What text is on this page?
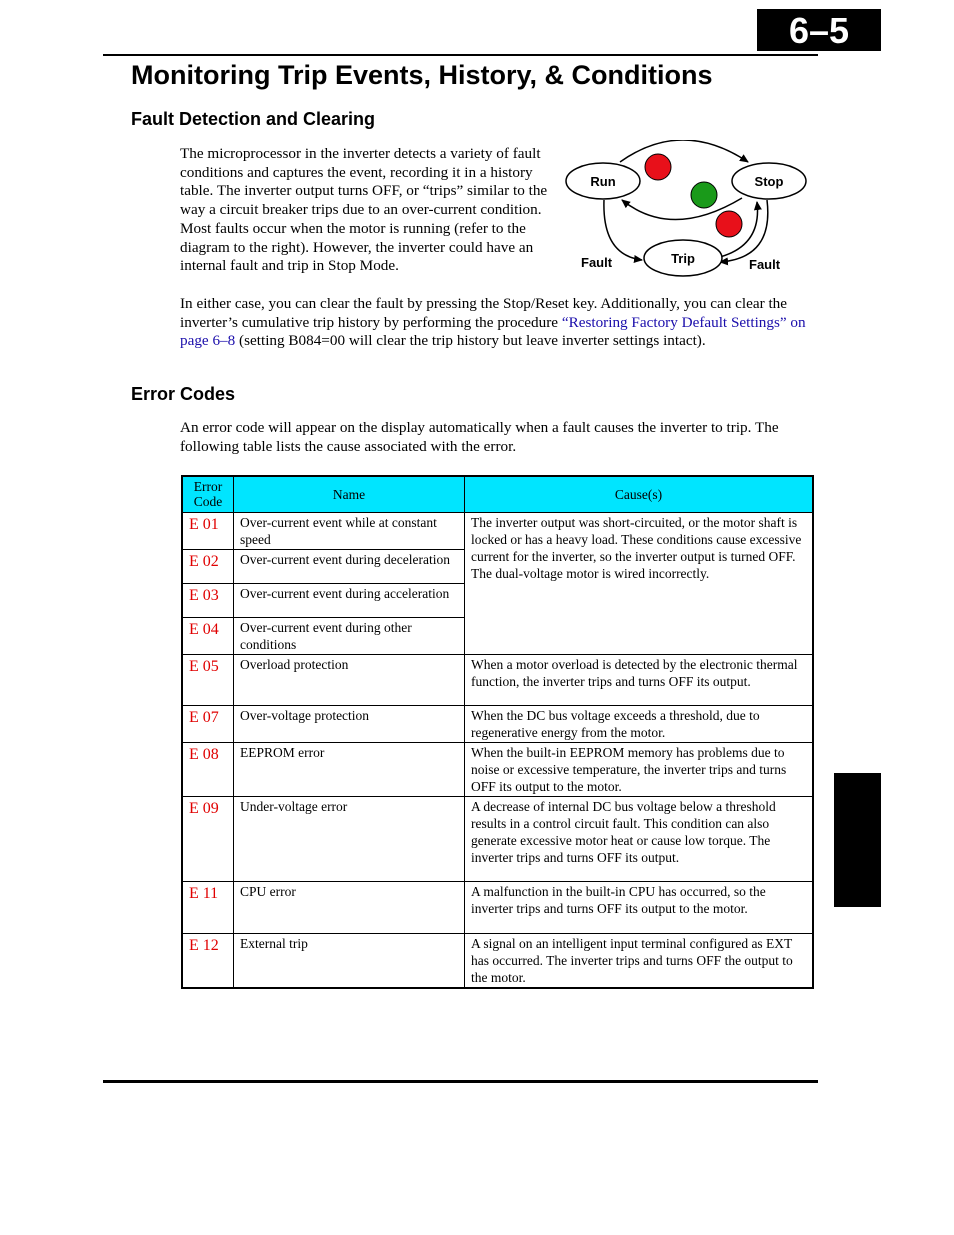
6–5
Monitoring Trip Events, History, & Conditions
Fault Detection and Clearing

The microprocessor in the inverter detects a variety of fault conditions and captures the event, recording it in a history table. The inverter output turns OFF, or “trips” similar to the way a circuit breaker trips due to an over-current condition. Most faults occur when the motor is running (refer to the diagram to the right). However, the inverter could have an internal fault and trip in Stop Mode.

Run	Stop
Trip
Fault	Fault

In either case, you can clear the fault by pressing the Stop/Reset key. Additionally, you can clear the inverter’s cumulative trip history by performing the procedure “Restoring Factory Default Settings” on page 6–8 (setting B084=00 will clear the trip history but leave inverter settings intact).

Error Codes

An error code will appear on the display automatically when a fault causes the inverter to trip. The following table lists the cause associated with the error.

Error
Code	Name	Cause(s)
E 01	Over-current event while at constant speed	The inverter output was short-circuited, or the motor shaft is locked or has a heavy load. These conditions cause excessive current for the inverter, so the inverter output is turned OFF.
The dual-voltage motor is wired incorrectly.
E 02	Over-current event during deceleration	
E 03	Over-current event during acceleration	
E 04	Over-current event during other conditions	
E 05	Overload protection	When a motor overload is detected by the electronic thermal function, the inverter trips and turns OFF its output.
E 07	Over-voltage protection	When the DC bus voltage exceeds a threshold, due to regenerative energy from the motor.
E 08	EEPROM error	When the built-in EEPROM memory has problems due to noise or excessive temperature, the inverter trips and turns OFF its output to the motor.
E 09	Under-voltage error	A decrease of internal DC bus voltage below a threshold results in a control circuit fault. This condition can also generate excessive motor heat or cause low torque. The inverter trips and turns OFF its output.
E 11	CPU error	A malfunction in the built-in CPU has occurred, so the inverter trips and turns OFF its output to the motor.
E 12	External trip	A signal on an intelligent input terminal configured as EXT has occurred. The inverter trips and turns OFF the output to the motor.
